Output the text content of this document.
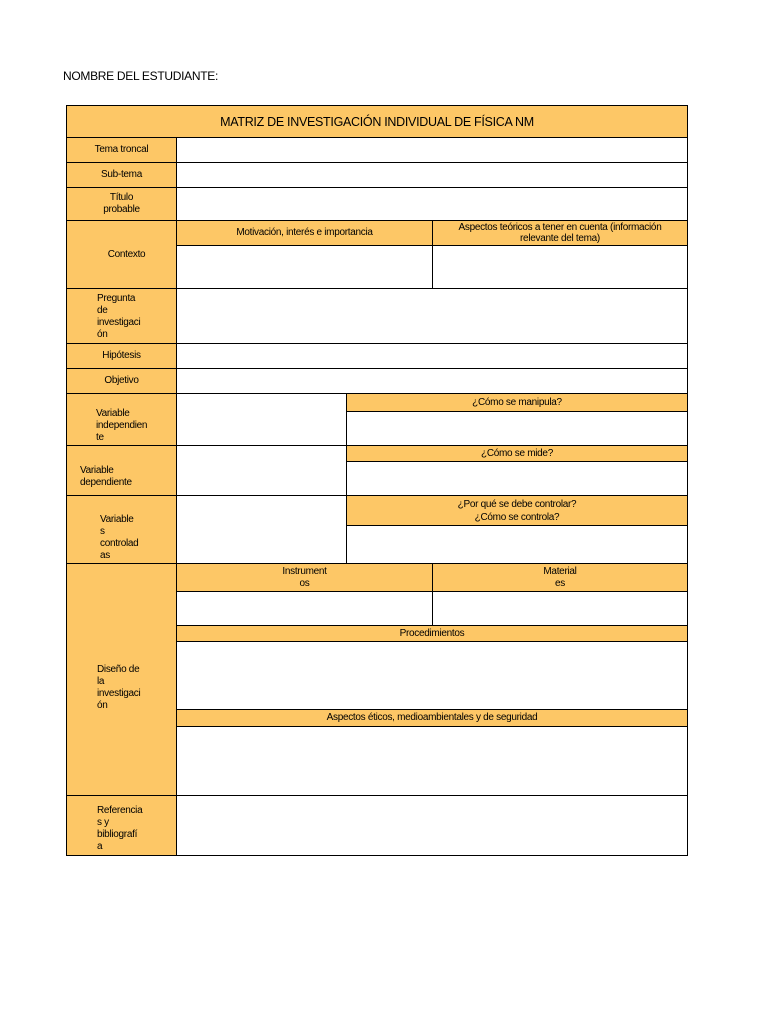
NOMBRE DEL ESTUDIANTE:
MATRIZ DE INVESTIGACIÓN INDIVIDUAL DE FÍSICA NM
Tema troncal
Sub-tema
Título
probable
Contexto
Pregunta
de
investigaci
ón
Hipótesis
Objetivo
Variable
independien
te
Variable
dependiente
Variable
s
controlad
as
Diseño de
la
investigaci
ón
Referencia
s y
bibliografí
a
Motivación, interés e importancia	Aspectos teóricos a tener en cuenta (información
relevante del tema)
¿Cómo se manipula?
¿Cómo se mide?
¿Por qué se debe controlar?
¿Cómo se controla?
Instrument
os
Material
es
Procedimientos
Aspectos éticos, medioambientales y de seguridad
